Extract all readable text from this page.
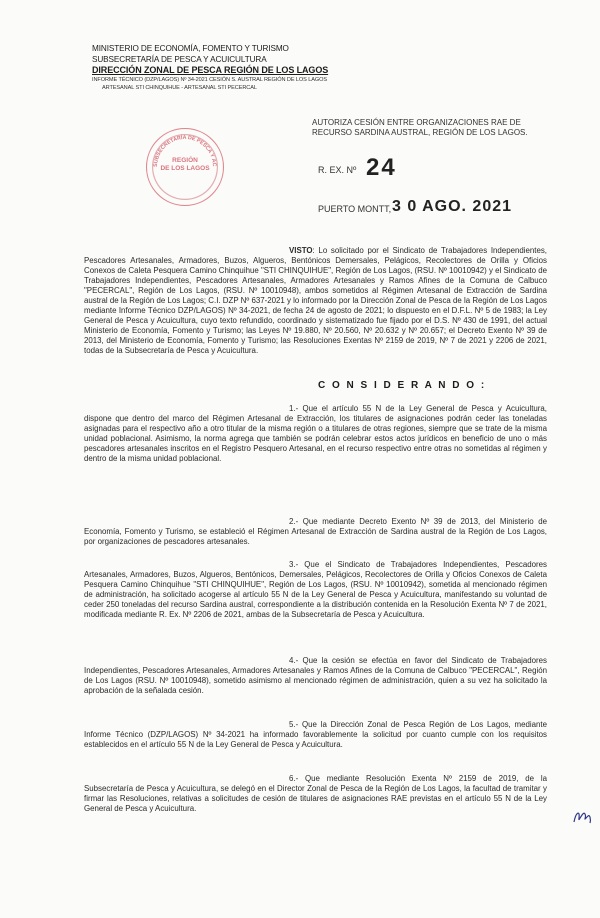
MINISTERIO DE ECONOMÍA, FOMENTO Y TURISMO
SUBSECRETARÍA DE PESCA Y ACUICULTURA
DIRECCIÓN ZONAL DE PESCA REGIÓN DE LOS LAGOS
INFORME TÉCNICO (DZP/LAGOS) Nº 34-2021 CESIÓN S. AUSTRAL REGIÓN DE LOS LAGOS
ARTESANAL STI CHINQUIHUE - ARTESANAL STI PECERCAL
AUTORIZA CESIÓN ENTRE ORGANIZACIONES RAE DE RECURSO SARDINA AUSTRAL, REGIÓN DE LOS LAGOS.
SUBSECRETARÍA DE PESCA Y AC
REGIÓN
DE LOS LAGOS	R. EX. Nº 24
PUERTO MONTT, 3 0 AGO. 2021
VISTO: Lo solicitado por el Sindicato de Trabajadores Independientes, Pescadores Artesanales, Armadores, Buzos, Algueros, Bentónicos Demersales, Pelágicos, Recolectores de Orilla y Oficios Conexos de Caleta Pesquera Camino Chinquihue "STI CHINQUIHUE", Región de Los Lagos, (RSU. Nº 10010942) y el Sindicato de Trabajadores Independientes, Pescadores Artesanales, Armadores Artesanales y Ramos Afines de la Comuna de Calbuco "PECERCAL", Región de Los Lagos, (RSU. Nº 10010948), ambos sometidos al Régimen Artesanal de Extracción de Sardina austral de la Región de Los Lagos; C.I. DZP Nº 637-2021 y lo informado por la Dirección Zonal de Pesca de la Región de Los Lagos mediante Informe Técnico DZP/LAGOS) Nº 34-2021, de fecha 24 de agosto de 2021; lo dispuesto en el D.F.L. Nº 5 de 1983; la Ley General de Pesca y Acuicultura, cuyo texto refundido, coordinado y sistematizado fue fijado por el D.S. Nº 430 de 1991, del actual Ministerio de Economía, Fomento y Turismo; las Leyes Nº 19.880, Nº 20.560, Nº 20.632 y Nº 20.657; el Decreto Exento Nº 39 de 2013, del Ministerio de Economía, Fomento y Turismo; las Resoluciones Exentas Nº 2159 de 2019, Nº 7 de 2021 y 2206 de 2021, todas de la Subsecretaría de Pesca y Acuicultura.
C O N S I D E R A N D O :
1.- Que el artículo 55 N de la Ley General de Pesca y Acuicultura, dispone que dentro del marco del Régimen Artesanal de Extracción, los titulares de asignaciones podrán ceder las toneladas asignadas para el respectivo año a otro titular de la misma región o a titulares de otras regiones, siempre que se trate de la misma unidad poblacional. Asimismo, la norma agrega que también se podrán celebrar estos actos jurídicos en beneficio de uno o más pescadores artesanales inscritos en el Registro Pesquero Artesanal, en el recurso respectivo entre otras no sometidas al régimen y dentro de la misma unidad poblacional.
2.- Que mediante Decreto Exento Nº 39 de 2013, del Ministerio de Economía, Fomento y Turismo, se estableció el Régimen Artesanal de Extracción de Sardina austral de la Región de Los Lagos, por organizaciones de pescadores artesanales.
3.- Que el Sindicato de Trabajadores Independientes, Pescadores Artesanales, Armadores, Buzos, Algueros, Bentónicos, Demersales, Pelágicos, Recolectores de Orilla y Oficios Conexos de Caleta Pesquera Camino Chinquihue "STI CHINQUIHUE", Región de Los Lagos, (RSU. Nº 10010942), sometida al mencionado régimen de administración, ha solicitado acogerse al artículo 55 N de la Ley General de Pesca y Acuicultura, manifestando su voluntad de ceder 250 toneladas del recurso Sardina austral, correspondiente a la distribución contenida en la Resolución Exenta Nº 7 de 2021, modificada mediante R. Ex. Nº 2206 de 2021, ambas de la Subsecretaría de Pesca y Acuicultura.
4.- Que la cesión se efectúa en favor del Sindicato de Trabajadores Independientes, Pescadores Artesanales, Armadores Artesanales y Ramos Afines de la Comuna de Calbuco "PECERCAL", Región de Los Lagos (RSU. Nº 10010948), sometido asimismo al mencionado régimen de administración, quien a su vez ha solicitado la aprobación de la señalada cesión.
5.- Que la Dirección Zonal de Pesca Región de Los Lagos, mediante Informe Técnico (DZP/LAGOS) Nº 34-2021 ha informado favorablemente la solicitud por cuanto cumple con los requisitos establecidos en el artículo 55 N de la Ley General de Pesca y Acuicultura.
6.- Que mediante Resolución Exenta Nº 2159 de 2019, de la Subsecretaría de Pesca y Acuicultura, se delegó en el Director Zonal de Pesca de la Región de Los Lagos, la facultad de tramitar y firmar las Resoluciones, relativas a solicitudes de cesión de titulares de asignaciones RAE previstas en el artículo 55 N de la Ley General de Pesca y Acuicultura.
